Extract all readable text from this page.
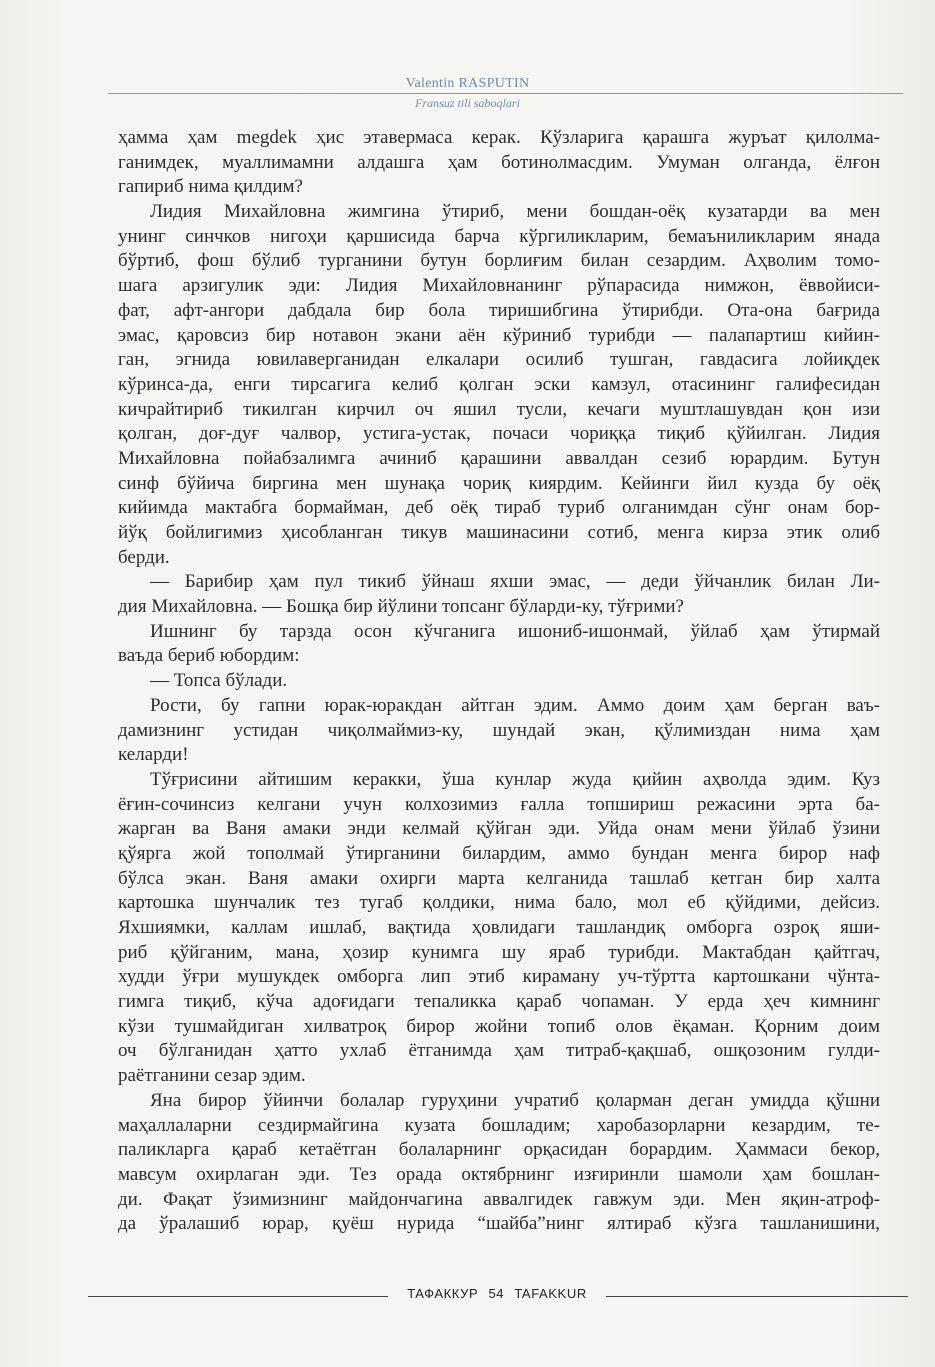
Valentin RASPUTIN
Fransuz tili saboqlari
ҳамма ҳам megdek ҳис этавермаса керак. Кўзларига қарашга журъат қилолма-
ганимдек, муаллимамни алдашга ҳам ботинолмасдим. Умуман олганда, ёлғон
гапириб нима қилдим?
Лидия Михайловна жимгина ўтириб, мени бошдан-оёқ кузатарди ва мен
унинг синчков нигоҳи қаршисида барча кўргиликларим, бемаъниликларим янада
бўртиб, фош бўлиб турганини бутун борлиғим билан сезардим. Аҳволим томо-
шага арзигулик эди: Лидия Михайловнанинг рўпарасида нимжон, ёввойиси-
фат, афт-ангори дабдала бир бола тиришибгина ўтирибди. Ота-она бағрида
эмас, қаровсиз бир нотавон экани аён кўриниб турибди — палапартиш кийин-
ган, эгнида ювилаверганидан елкалари осилиб тушган, гавдасига лойиқдек
кўринса-да, енги тирсагига келиб қолган эски камзул, отасининг галифесидан
кичрайтириб тикилган кирчил оч яшил тусли, кечаги муштлашувдан қон изи
қолган, доғ-дуғ чалвор, устига-устак, почаси чориққа тиқиб қўйилган. Лидия
Михайловна пойабзалимга ачиниб қарашини аввалдан сезиб юрардим. Бутун
синф бўйича биргина мен шунақа чориқ киярдим. Кейинги йил кузда бу оёқ
кийимда мактабга бормайман, деб оёқ тираб туриб олганимдан сўнг онам бор-
йўқ бойлигимиз ҳисобланган тикув машинасини сотиб, менга кирза этик олиб
берди.
— Барибир ҳам пул тикиб ўйнаш яхши эмас, — деди ўйчанлик билан Ли-
дия Михайловна. — Бошқа бир йўлини топсанг бўларди-ку, тўғрими?
Ишнинг бу тарзда осон кўчганига ишониб-ишонмай, ўйлаб ҳам ўтирмай
ваъда бериб юбордим:
— Топса бўлади.
Рости, бу гапни юрак-юракдан айтган эдим. Аммо доим ҳам берган ваъ-
дамизнинг устидан чиқолмаймиз-ку, шундай экан, қўлимиздан нима ҳам
келарди!
Тўғрисини айтишим керакки, ўша кунлар жуда қийин аҳволда эдим. Куз
ёғин-сочинсиз келгани учун колхозимиз ғалла топшириш режасини эрта ба-
жарган ва Ваня амаки энди келмай қўйган эди. Уйда онам мени ўйлаб ўзини
қўярга жой тополмай ўтирганини билардим, аммо бундан менга бирор наф
бўлса экан. Ваня амаки охирги марта келганида ташлаб кетган бир халта
картошка шунчалик тез тугаб қолдики, нима бало, мол еб қўйдими, дейсиз.
Яхшиямки, каллам ишлаб, вақтида ҳовлидаги ташландиқ омборга озроқ яши-
риб қўйганим, мана, ҳозир кунимга шу яраб турибди. Мактабдан қайтгач,
худди ўғри мушукдек омборга лип этиб кираману уч-тўртта картошкани чўнта-
гимга тиқиб, кўча адоғидаги тепаликка қараб чопаман. У ерда ҳеч кимнинг
кўзи тушмайдиган хилватроқ бирор жойни топиб олов ёқаман. Қорним доим
оч бўлганидан ҳатто ухлаб ётганимда ҳам титраб-қақшаб, ошқозоним гулди-
раётганини сезар эдим.
Яна бирор ўйинчи болалар гуруҳини учратиб қоларман деган умидда қўшни
маҳаллаларни сездирмайгина кузата бошладим; харобазорларни кезардим, те-
паликларга қараб кетаётган болаларнинг орқасидан борардим. Ҳаммаси бекор,
мавсум охирлаган эди. Тез орада октябрнинг изғиринли шамоли ҳам бошлан-
ди. Фақат ўзимизнинг майдончагина аввалгидек гавжум эди. Мен яқин-атроф-
да ўралашиб юрар, қуёш нурида “шайба”нинг ялтираб кўзга ташланишини,
ТАФАККУР 54 TAFAKKUR
